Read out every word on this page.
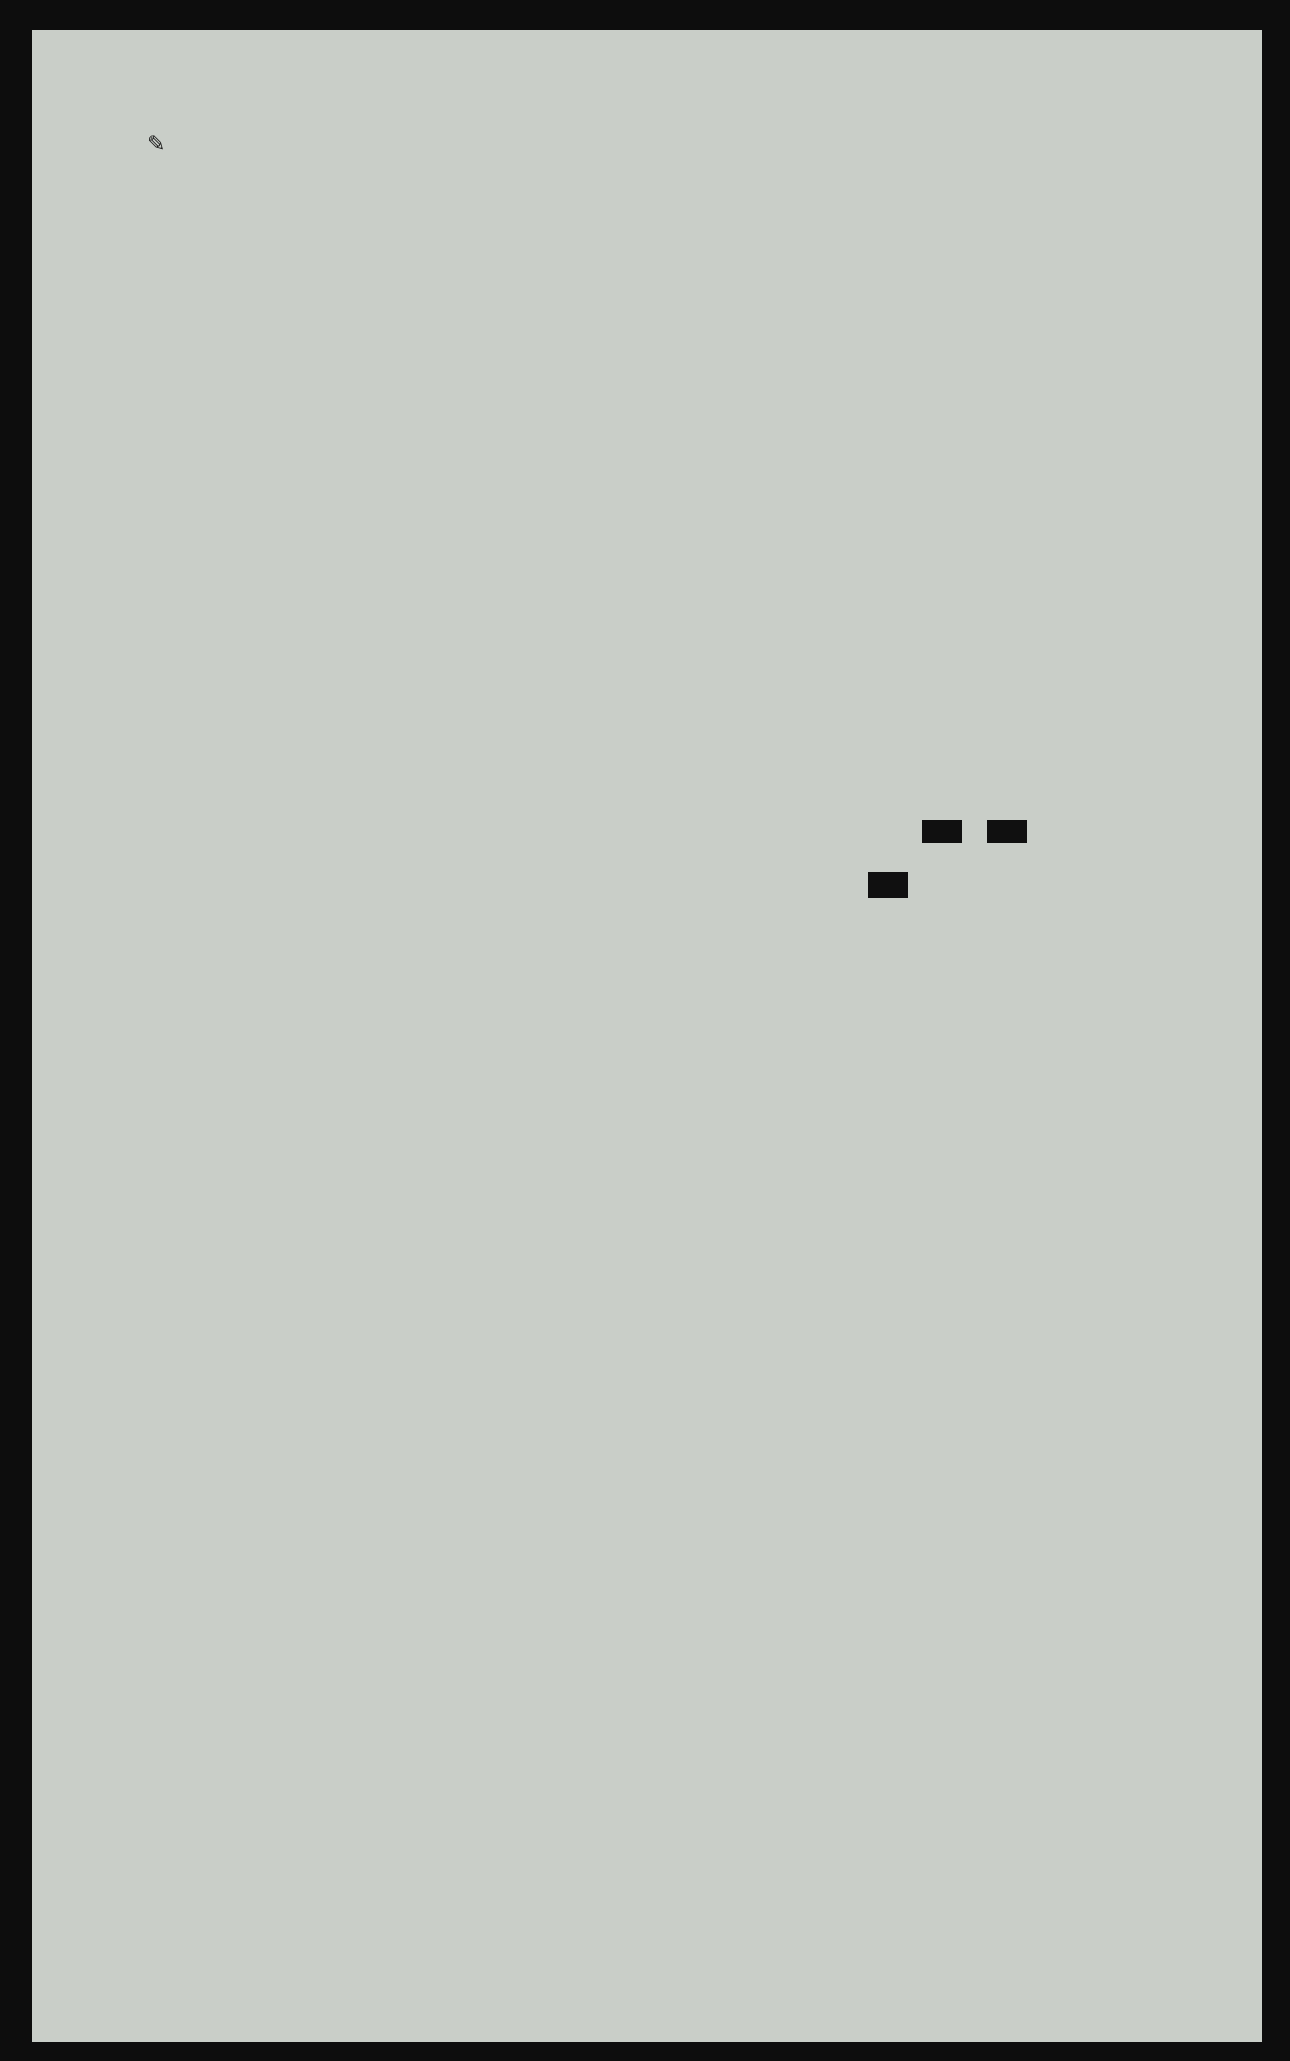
✎
